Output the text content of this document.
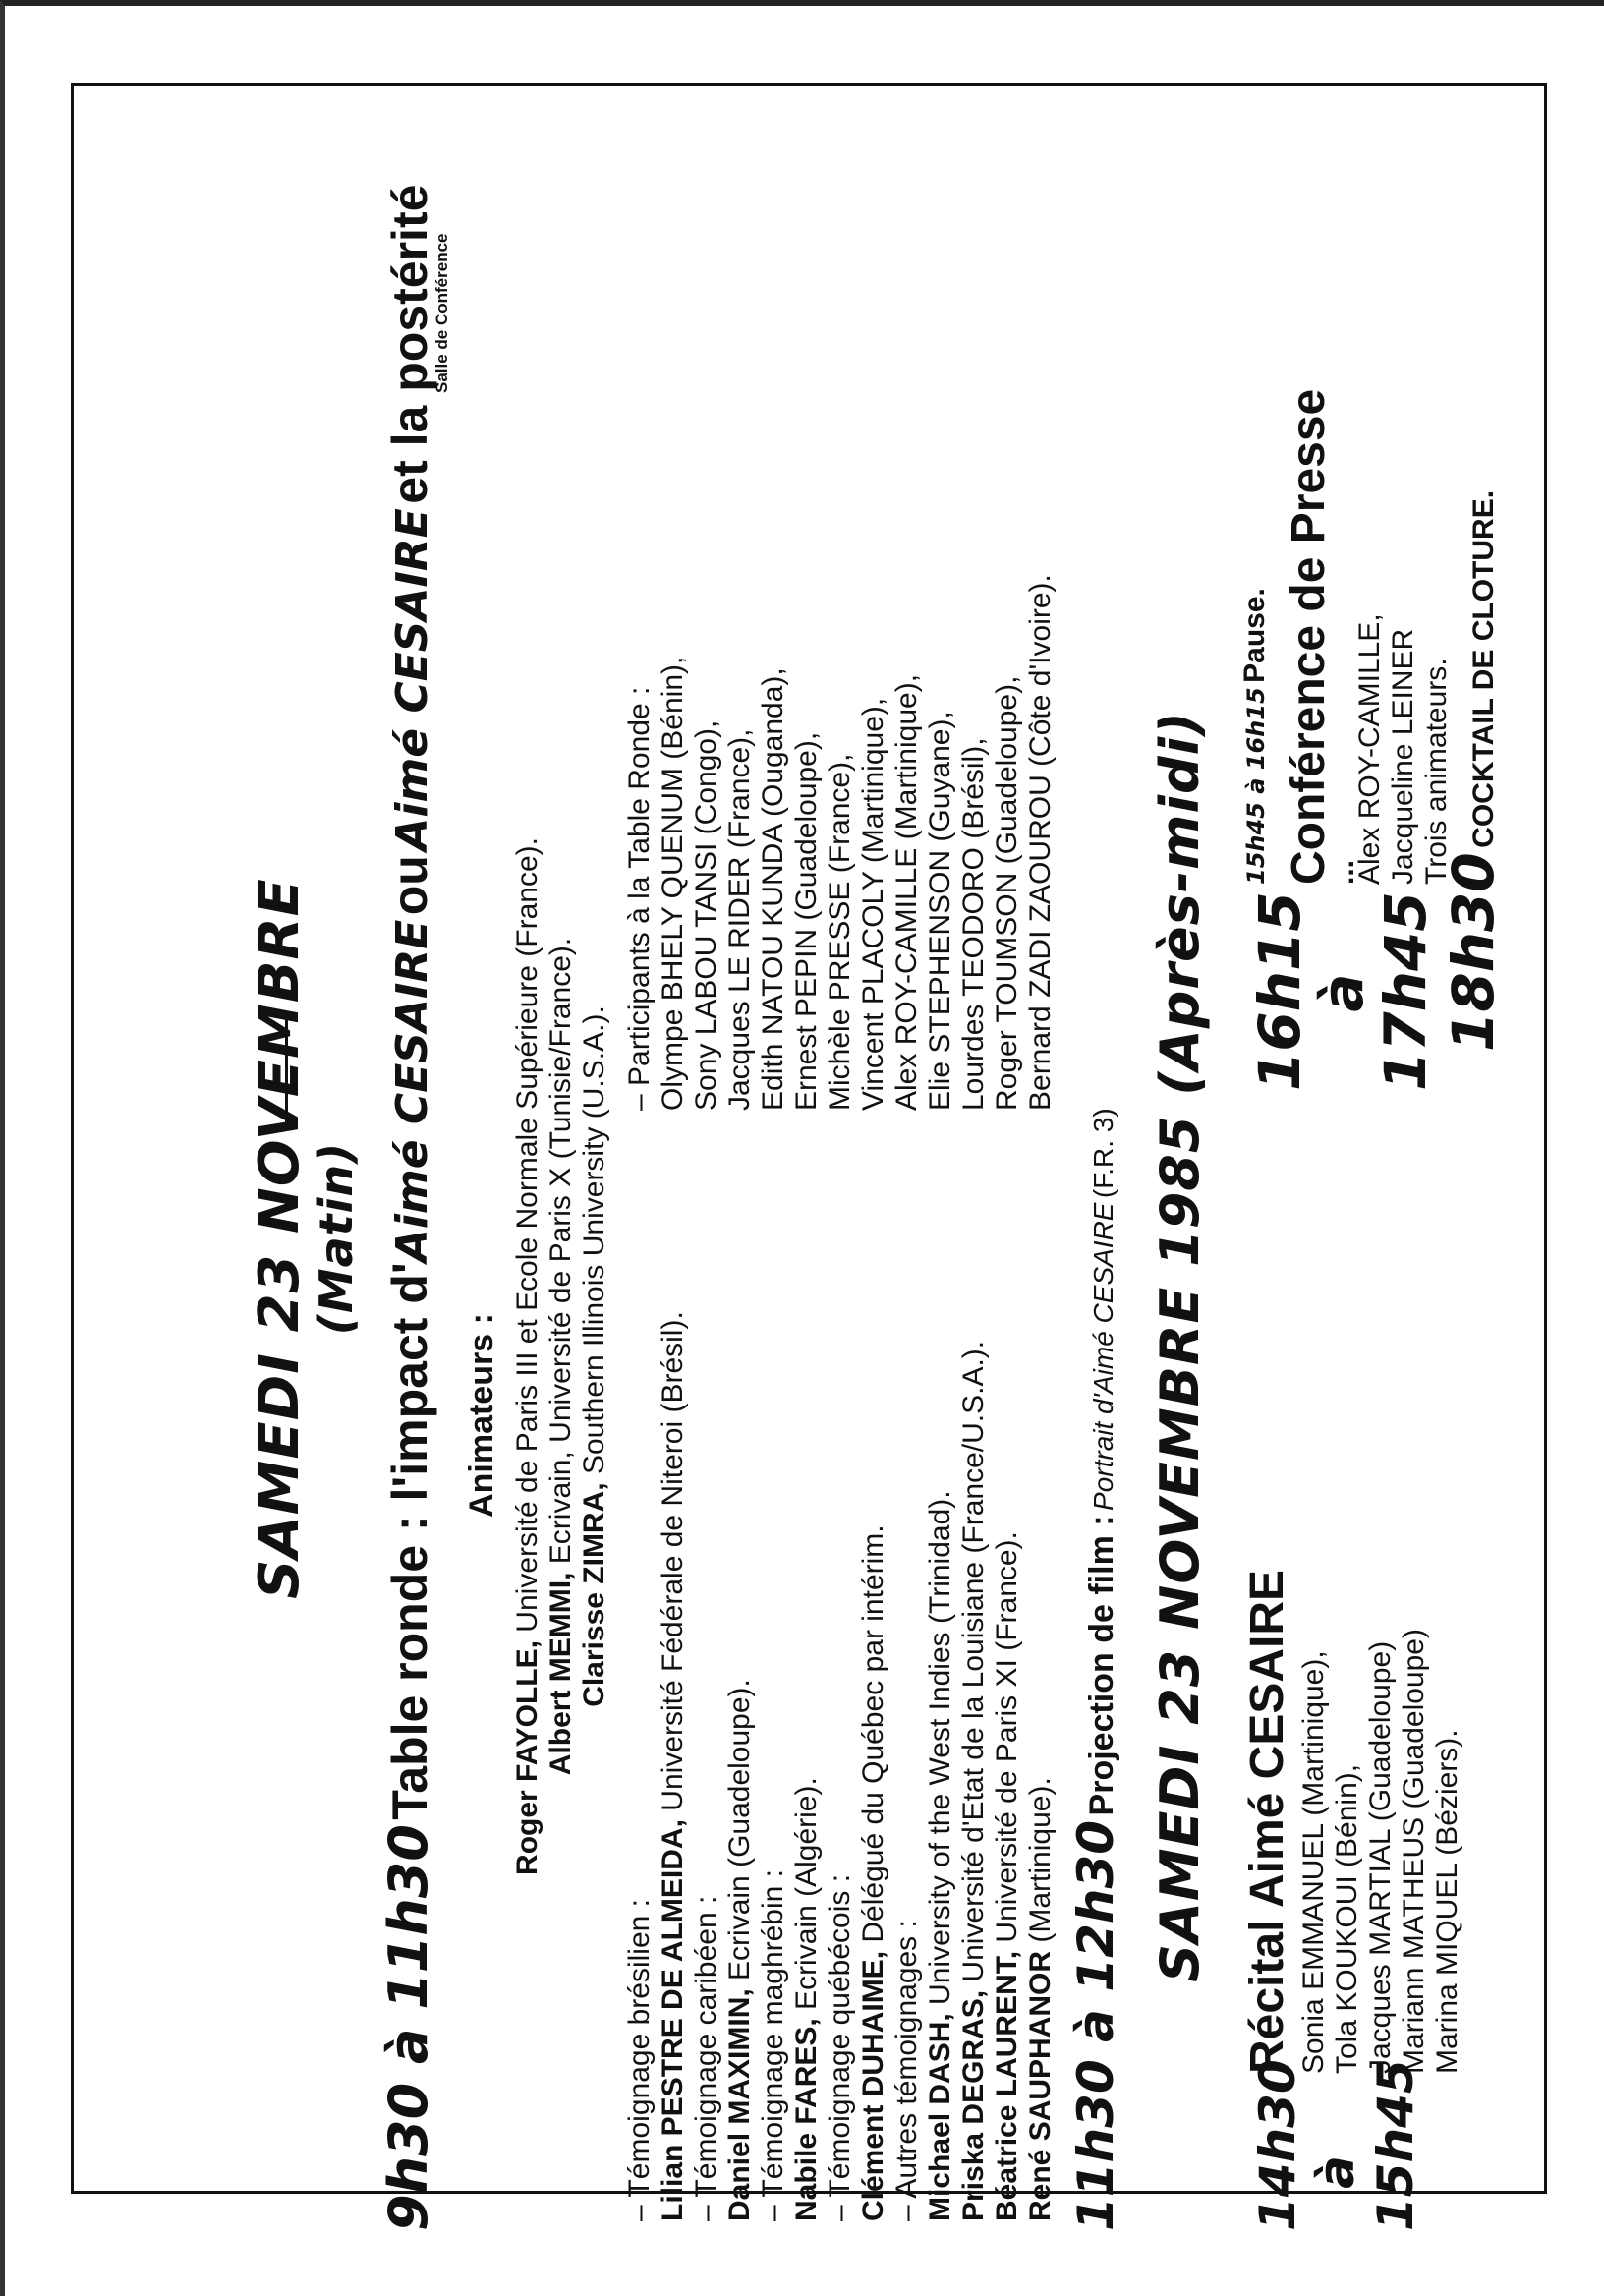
SAMEDI 23 NOVEMBRE
(Matin)
9h30 à 11h30 Table ronde : l'impact d'Aimé CESAIRE ou Aimé CESAIRE et la postérité
Salle de Conférence
Animateurs :
Roger FAYOLLE, Université de Paris III et Ecole Normale Supérieure (France).
Albert MEMMI, Ecrivain, Université de Paris X (Tunisie/France).
Clarisse ZIMRA, Southern Illinois University (U.S.A.).
– Témoignage brésilien : Lilian PESTRE DE ALMEIDA, Université Fédérale de Niteroi (Brésil).
– Témoignage caribéen : Daniel MAXIMIN, Ecrivain (Guadeloupe).
– Témoignage maghrébin : Nabile FARES, Ecrivain (Algérie). – Témoignage québécois : Clément DUHAIME, Délégué du Québec par intérim.
– Autres témoignages : Michael DASH, University of the West Indies (Trinidad).
Priska DEGRAS, Université d'Etat de la Louisiane (France/U.S.A.).
Béatrice LAURENT, Université de Paris XI (France).
René SAUPHANOR (Martinique).
– Participants à la Table Ronde : Olympe BHELY QUENUM (Bénin), Sony LABOU TANSI (Congo), Jacques LE RIDER (France), Edith NATOU KUNDA (Ouganda), Ernest PEPIN (Guadeloupe), Michèle PRESSE (France), Vincent PLACOLY (Martinique), Alex ROY-CAMILLE (Martinique), Elie STEPHENSON (Guyane), Lourdes TEODORO (Brésil), Roger TOUMSON (Guadeloupe), Bernard ZADI ZAOUROU (Côte d'Ivoire).
11h30 à 12h30 Projection de film : Portrait d'Aimé CESAIRE (F.R. 3) SAMEDI 23 NOVEMBRE 1985 (Après-midi)
14h30 à 15h45
Récital Aimé CESAIRE Sonia EMMANUEL (Martinique), Tola KOUKOUI (Bénin), Jacques MARTIAL (Guadeloupe) Mariann MATHEUS (Guadeloupe) Marina MIQUEL (Béziers).
15h45 à 16h15 Pause.
16h15
à
17h45
Conférence de Presse
...
Alex ROY-CAMILLE, Jacqueline LEINER Trois animateurs.
18h30 COCKTAIL DE CLOTURE.
